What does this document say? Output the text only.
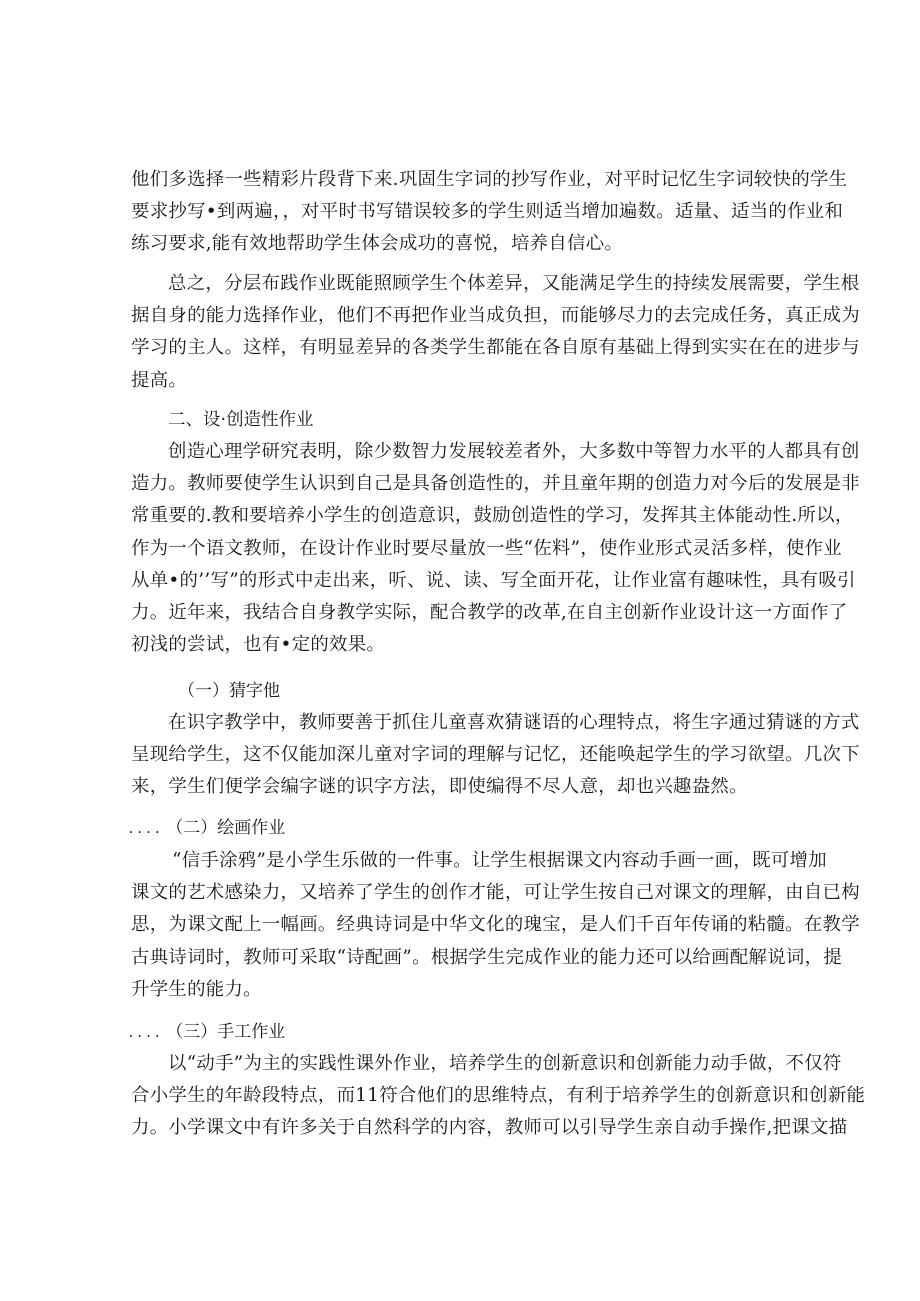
他们多选择一些精彩片段背下来.巩固生字词的抄写作业，对平时记忆生字词较快的学生
要求抄写•到两遍，，对平时书写错误较多的学生则适当增加遍数。适量、适当的作业和
练习要求,能有效地帮助学生体会成功的喜悦，培养自信心。
总之，分层布践作业既能照顾学生个体差异，又能满足学生的持续发展需要，学生根
据自身的能力选择作业，他们不再把作业当成负担，而能够尽力的去完成任务，真正成为
学习的主人。这样，有明显差异的各类学生都能在各自原有基础上得到实实在在的进步与
提高。
二、设·创造性作业
创造心理学研究表明，除少数智力发展较差者外，大多数中等智力水平的人都具有创
造力。教师要使学生认识到自己是具备创造性的，并且童年期的创造力对今后的发展是非
常重要的.教和要培养小学生的创造意识，鼓励创造性的学习，发挥其主体能动性.所以，
作为一个语文教师，在设计作业时要尽量放一些“佐料”，使作业形式灵活多样，使作业
从单•的’’写”的形式中走出来，听、说、读、写全面开花，让作业富有趣味性，具有吸引
力。近年来，我结合自身教学实际，配合教学的改革,在自主创新作业设计这一方面作了
初浅的尝试，也有•定的效果。
（一）猜字他
在识字教学中，教师要善于抓住儿童喜欢猜谜语的心理特点，将生字通过猜谜的方式
呈现给学生，这不仅能加深儿童对字词的理解与记忆，还能唤起学生的学习欲望。几次下
来，学生们便学会编字谜的识字方法，即使编得不尽人意，却也兴趣盎然。
.... （二）绘画作业
“信手涂鸦”是小学生乐做的一件事。让学生根据课文内容动手画一画，既可增加
课文的艺术感染力，又培养了学生的创作才能，可让学生按自己对课文的理解，由自已构
思，为课文配上一幅画。经典诗词是中华文化的瑰宝，是人们千百年传诵的粘髓。在教学
古典诗词时，教师可采取“诗配画”。根据学生完成作业的能力还可以给画配解说词，提
升学生的能力。
.... （三）手工作业
以“动手”为主的实践性课外作业，培养学生的创新意识和创新能力动手做，不仅符
合小学生的年龄段特点，而11符合他们的思维特点，有利于培养学生的创新意识和创新能
力。小学课文中有许多关于自然科学的内容，教师可以引导学生亲自动手操作,把课文描
